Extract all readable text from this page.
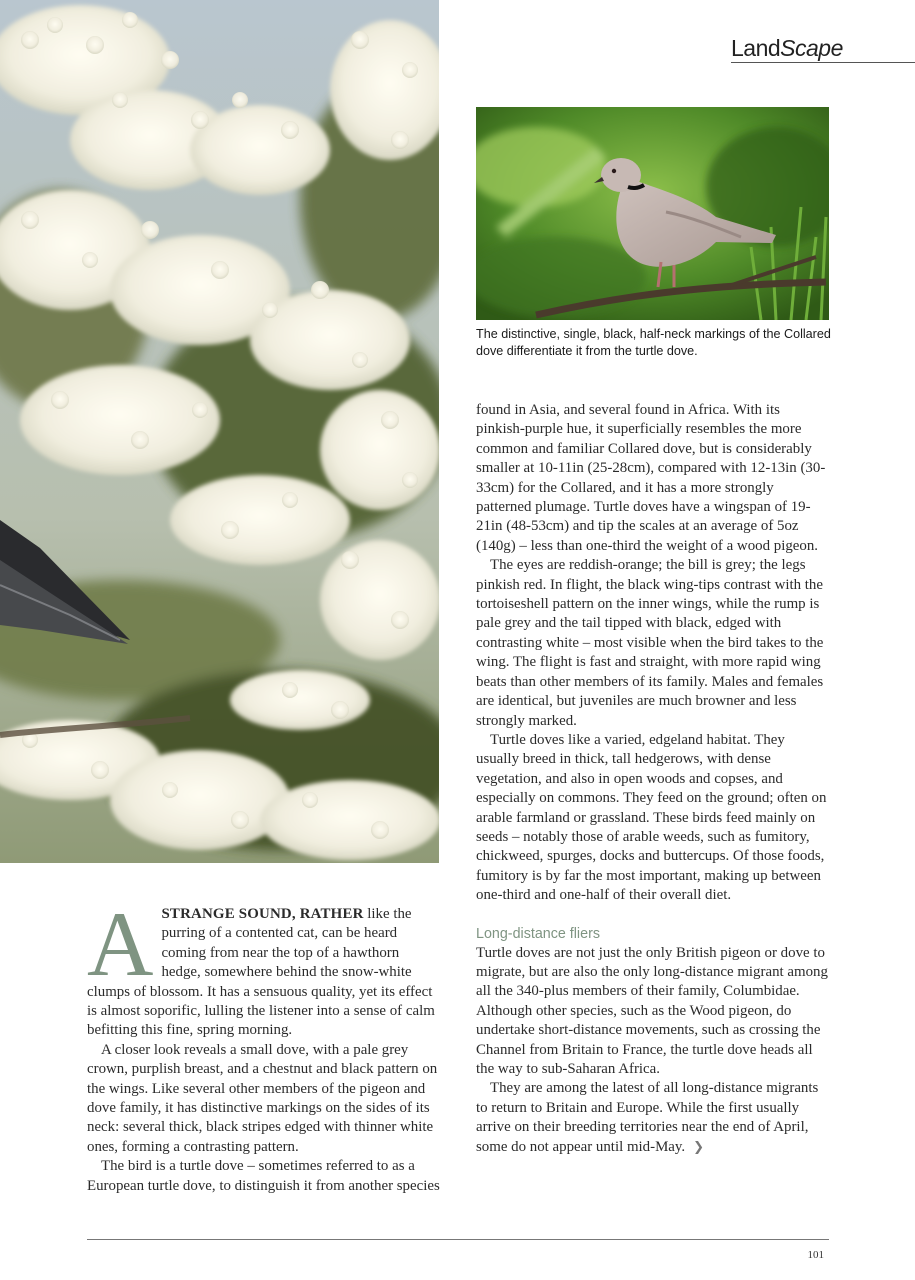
LandScape
The distinctive, single, black, half-neck markings of the Collared dove differentiate it from the turtle dove.

ASTRANGE SOUND, RATHER like the purring of a contented cat, can be heard coming from near the top of a hawthorn hedge, somewhere behind the snow-white clumps of blossom. It has a sensuous quality, yet its effect is almost soporific, lulling the listener into a sense of calm befitting this fine, spring morning.

A closer look reveals a small dove, with a pale grey crown, purplish breast, and a chestnut and black pattern on the wings. Like several other members of the pigeon and dove family, it has distinctive markings on the sides of its neck: several thick, black stripes edged with thinner white ones, forming a contrasting pattern.

The bird is a turtle dove – sometimes referred to as a European turtle dove, to distinguish it from another species

found in Asia, and several found in Africa. With its pinkish-purple hue, it superficially resembles the more common and familiar Collared dove, but is considerably smaller at 10-11in (25-28cm), compared with 12-13in (30-33cm) for the Collared, and it has a more strongly patterned plumage. Turtle doves have a wingspan of 19-21in (48-53cm) and tip the scales at an average of 5oz (140g) – less than one-third the weight of a wood pigeon.

The eyes are reddish-orange; the bill is grey; the legs pinkish red. In flight, the black wing-tips contrast with the tortoiseshell pattern on the inner wings, while the rump is pale grey and the tail tipped with black, edged with contrasting white – most visible when the bird takes to the wing. The flight is fast and straight, with more rapid wing beats than other members of its family. Males and females are identical, but juveniles are much browner and less strongly marked.

Turtle doves like a varied, edgeland habitat. They usually breed in thick, tall hedgerows, with dense vegetation, and also in open woods and copses, and especially on commons. They feed on the ground; often on arable farmland or grassland. These birds feed mainly on seeds – notably those of arable weeds, such as fumitory, chickweed, spurges, docks and buttercups. Of those foods, fumitory is by far the most important, making up between one-third and one-half of their overall diet.

Long-distance fliers

Turtle doves are not just the only British pigeon or dove to migrate, but are also the only long-distance migrant among all the 340-plus members of their family, Columbidae. Although other species, such as the Wood pigeon, do undertake short-distance movements, such as crossing the Channel from Britain to France, the turtle dove heads all the way to sub-Saharan Africa.

They are among the latest of all long-distance migrants to return to Britain and Europe. While the first usually arrive on their breeding territories near the end of April, some do not appear until mid-May. ❯

101
